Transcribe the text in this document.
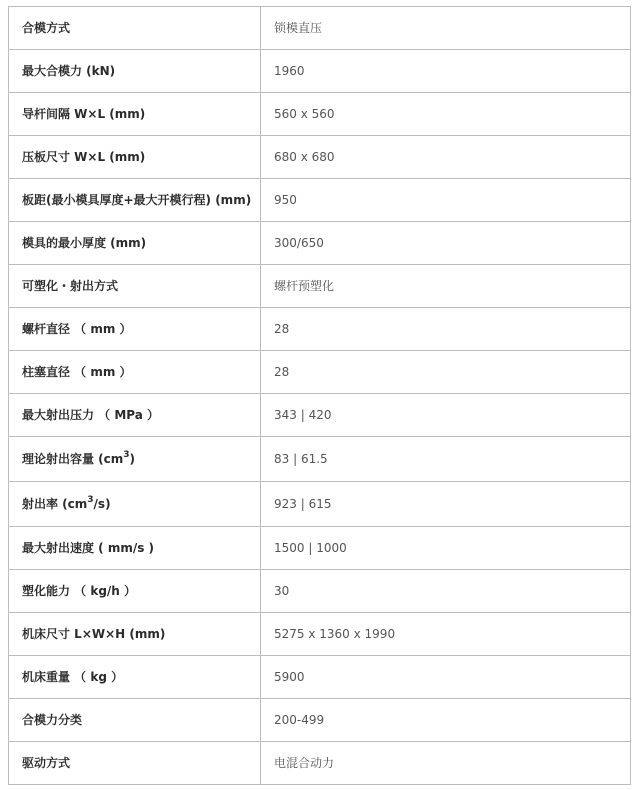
合模方式	锁模直压
最大合模力 (kN)	1960
导杆间隔 W×L (mm)	560 x 560
压板尺寸 W×L (mm)	680 x 680
板距(最小模具厚度+最大开模行程) (mm)	950
模具的最小厚度 (mm)	300/650
可塑化・射出方式	螺杆预塑化
螺杆直径 （ mm ）	28
柱塞直径 （ mm ）	28
最大射出压力 （ MPa ）	343 | 420
理论射出容量 $(cm^3)$	83 | 61.5
射出率 $(cm^3/s)$	923 | 615
最大射出速度 ( mm/s )	1500 | 1000
塑化能力 （ kg/h ）	30
机床尺寸 L×W×H (mm)	5275 x 1360 x 1990
机床重量 （ kg ）	5900
合模力分类	200-499
驱动方式	电混合动力
